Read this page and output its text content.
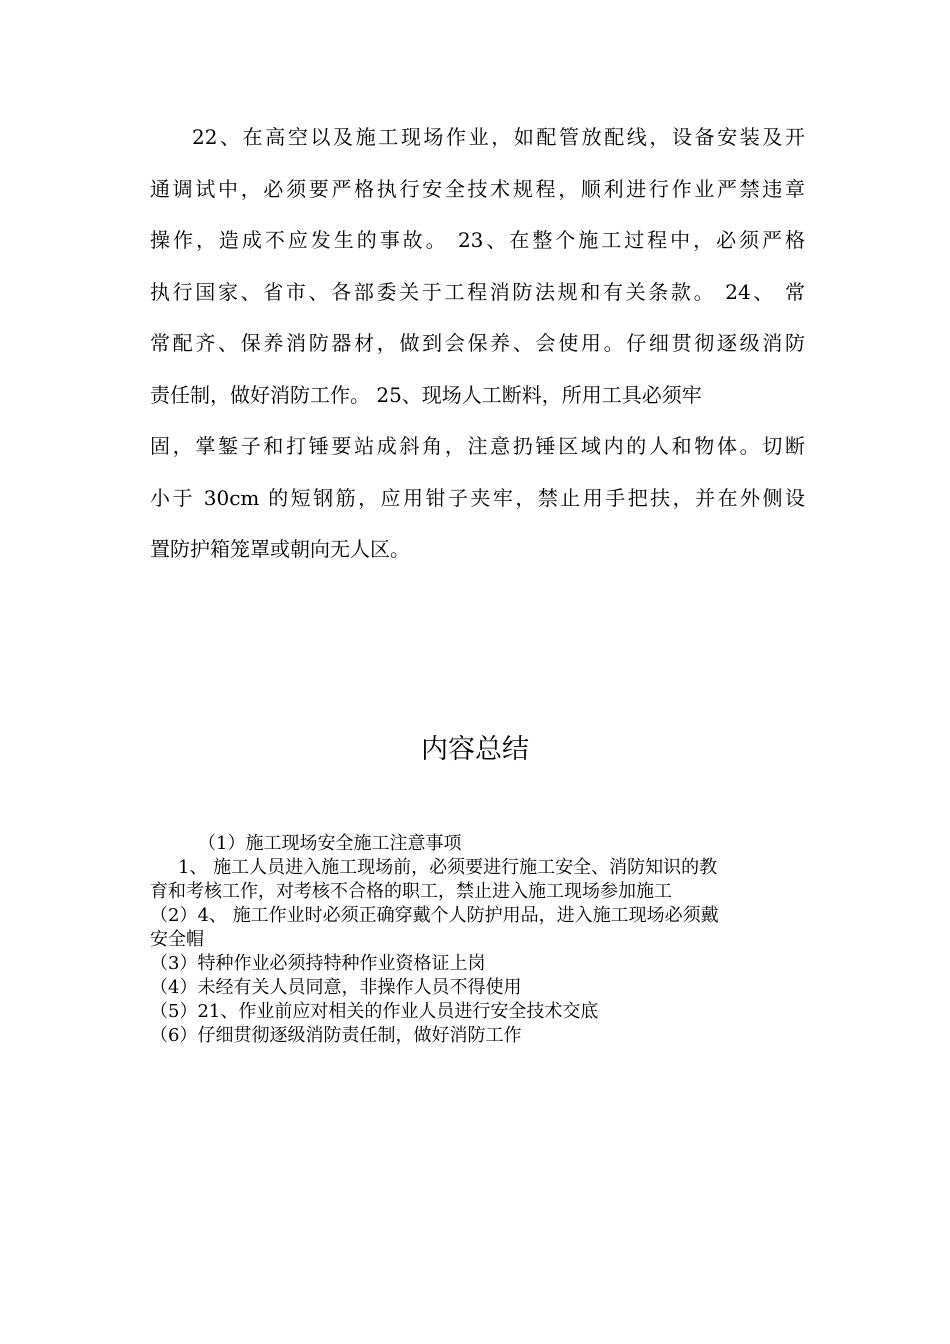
22、在高空以及施工现场作业，如配管放配线，设备安装及开
通调试中，必须要严格执行安全技术规程，顺利进行作业严禁违章
操作，造成不应发生的事故。 23、在整个施工过程中，必须严格
执行国家、省市、各部委关于工程消防法规和有关条款。 24、 常
常配齐、保养消防器材，做到会保养、会使用。仔细贯彻逐级消防
责任制，做好消防工作。 25、现场人工断料，所用工具必须牢
固，掌錾子和打锤要站成斜角，注意扔锤区域内的人和物体。切断
小于 30cm 的短钢筋，应用钳子夹牢，禁止用手把扶，并在外侧设
置防护箱笼罩或朝向无人区。
内容总结
（1）施工现场安全施工注意事项
1、 施工人员进入施工现场前，必须要进行施工安全、消防知识的教
育和考核工作，对考核不合格的职工，禁止进入施工现场参加施工
（2）4、 施工作业时必须正确穿戴个人防护用品，进入施工现场必须戴
安全帽
（3）特种作业必须持特种作业资格证上岗
（4）未经有关人员同意，非操作人员不得使用
（5）21、作业前应对相关的作业人员进行安全技术交底
（6）仔细贯彻逐级消防责任制，做好消防工作
